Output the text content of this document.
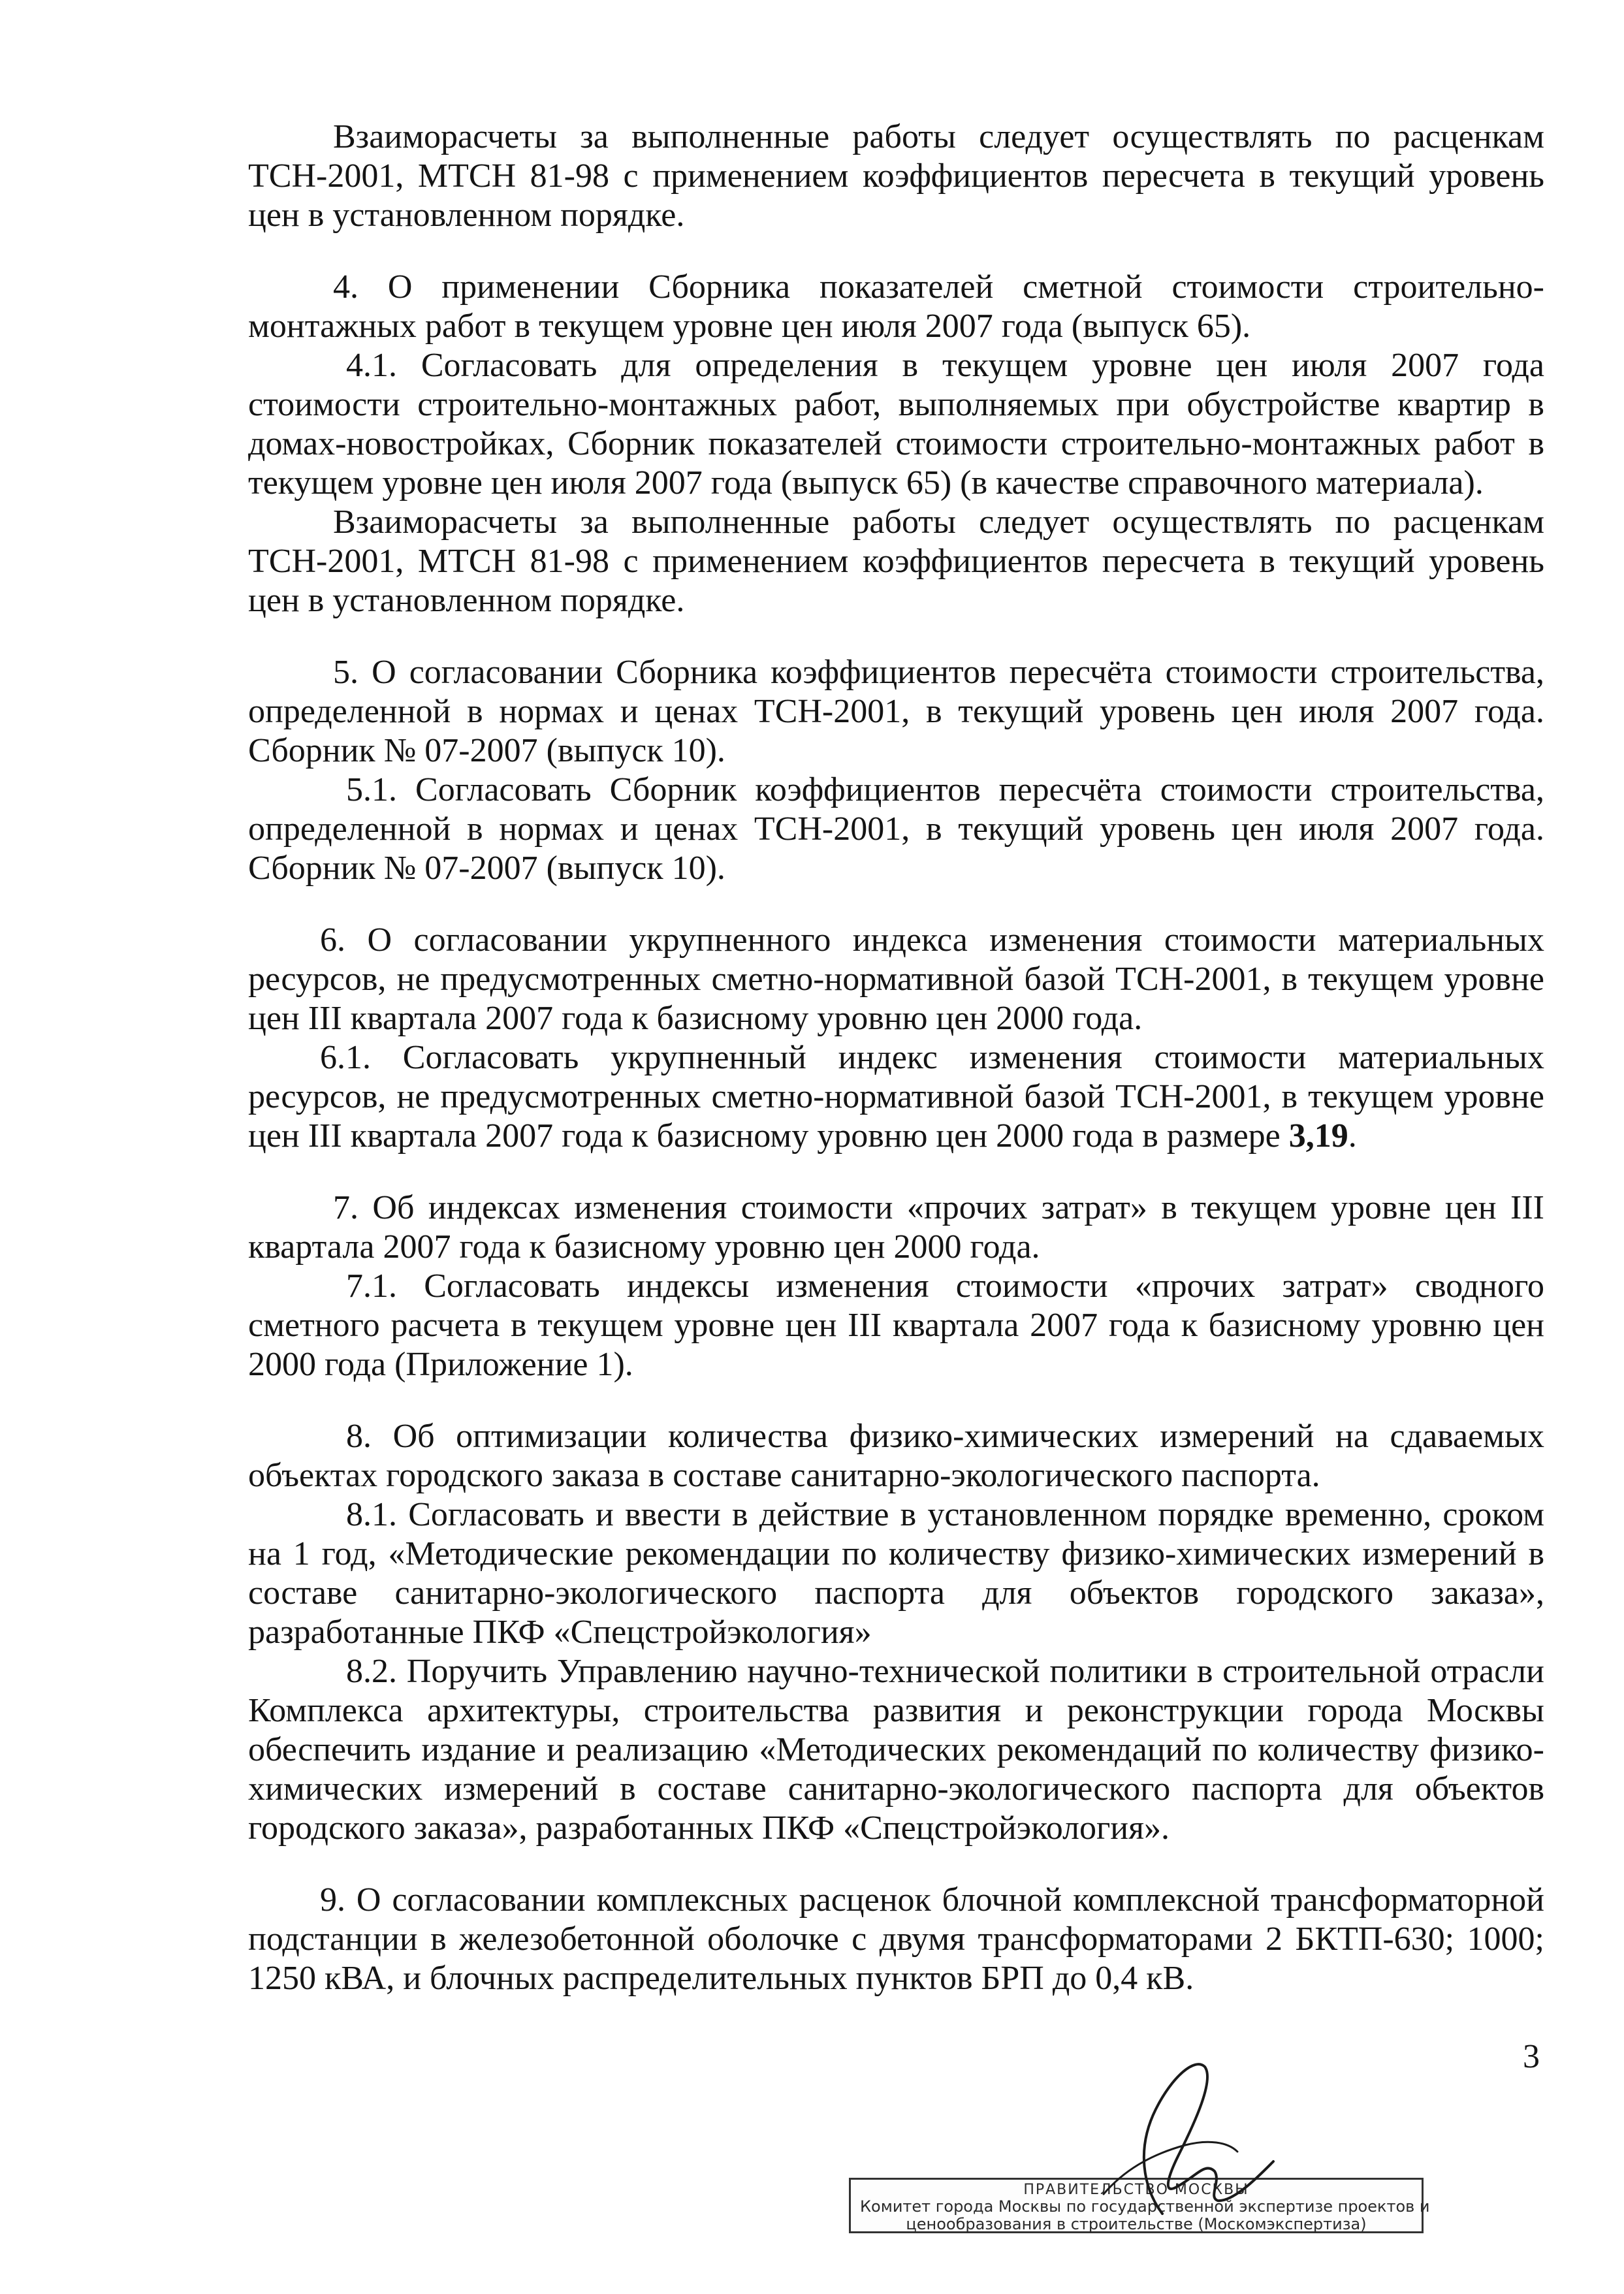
Взаиморасчеты за выполненные работы следует осуществлять по расценкам ТСН-2001, МТСН 81-98 с применением коэффициентов пересчета в текущий уровень цен в установленном порядке.

4. О применении Сборника показателей сметной стоимости строительно-монтажных работ в текущем уровне цен июля 2007 года (выпуск 65).

4.1. Согласовать для определения в текущем уровне цен июля 2007 года стоимости строительно-монтажных работ, выполняемых при обустройстве квартир в домах-новостройках, Сборник показателей стоимости строительно-монтажных работ в текущем уровне цен июля 2007 года (выпуск 65) (в качестве справочного материала).

Взаиморасчеты за выполненные работы следует осуществлять по расценкам ТСН-2001, МТСН 81-98 с применением коэффициентов пересчета в текущий уровень цен в установленном порядке.

5. О согласовании Сборника коэффициентов пересчёта стоимости строительства, определенной в нормах и ценах ТСН-2001, в текущий уровень цен июля 2007 года. Сборник № 07-2007 (выпуск 10).

5.1. Согласовать Сборник коэффициентов пересчёта стоимости строительства, определенной в нормах и ценах ТСН-2001, в текущий уровень цен июля 2007 года. Сборник № 07-2007 (выпуск 10).

6. О согласовании укрупненного индекса изменения стоимости материальных ресурсов, не предусмотренных сметно-нормативной базой ТСН-2001, в текущем уровне цен III квартала 2007 года к базисному уровню цен 2000 года.

6.1. Согласовать укрупненный индекс изменения стоимости материальных ресурсов, не предусмотренных сметно-нормативной базой ТСН-2001, в текущем уровне цен III квартала 2007 года к базисному уровню цен 2000 года в размере 3,19.

7. Об индексах изменения стоимости «прочих затрат» в текущем уровне цен III квартала 2007 года к базисному уровню цен 2000 года.

7.1. Согласовать индексы изменения стоимости «прочих затрат» сводного сметного расчета в текущем уровне цен III квартала 2007 года к базисному уровню цен 2000 года (Приложение 1).

8. Об оптимизации количества физико-химических измерений на сдаваемых объектах городского заказа в составе санитарно-экологического паспорта.

8.1. Согласовать и ввести в действие в установленном порядке временно, сроком на 1 год, «Методические рекомендации по количеству физико-химических измерений в составе санитарно-экологического паспорта для объектов городского заказа», разработанные ПКФ «Спецстройэкология»

8.2. Поручить Управлению научно-технической политики в строительной отрасли Комплекса архитектуры, строительства развития и реконструкции города Москвы обеспечить издание и реализацию «Методических рекомендаций по количеству физико-химических измерений в составе санитарно-экологического паспорта для объектов городского заказа», разработанных ПКФ «Спецстройэкология».

9. О согласовании комплексных расценок блочной комплексной трансформаторной подстанции в железобетонной оболочке с двумя трансформаторами 2 БКТП-630; 1000; 1250 кВА, и блочных распределительных пунктов БРП до 0,4 кВ.

3
ПРАВИТЕЛЬСТВО МОСКВЫ
Комитет города Москвы по государственной экспертизе проектов и
ценообразования в строительстве (Москомэкспертиза)
